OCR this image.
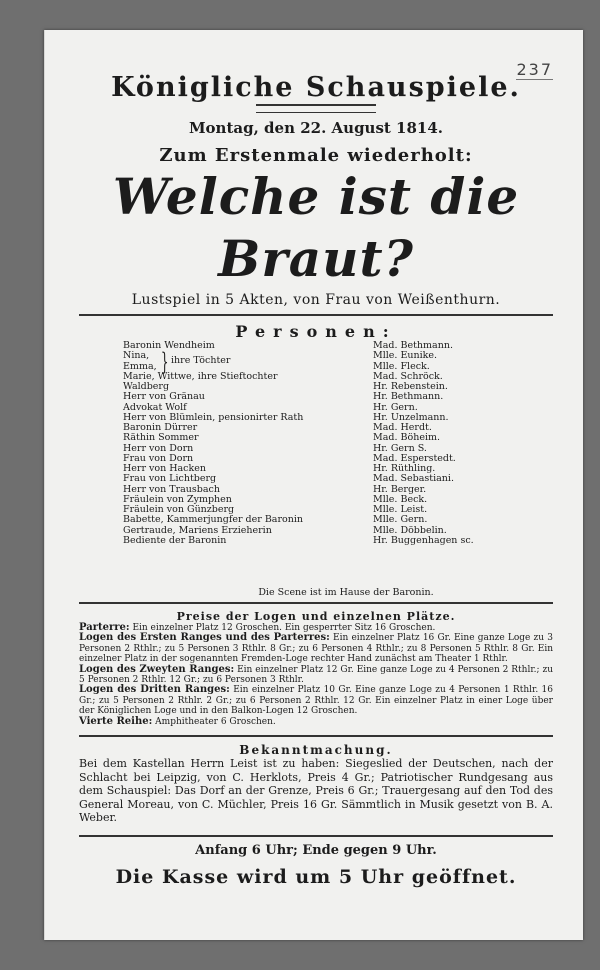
237
Königliche Schauspiele.
Montag, den 22. August 1814.
Zum Erstenmale wiederholt:
Welche ist die Braut?
Lustspiel in 5 Akten, von Frau von Weißenthurn.
Personen:
} ihre Töchter
Baronin Wendheim	Mad. Bethmann.
Nina,	Mlle. Eunike.
Emma,	Mlle. Fleck.
Marie, Wittwe, ihre Stieftochter	Mad. Schröck.
Waldberg	Hr. Rebenstein.
Herr von Gränau	Hr. Bethmann.
Advokat Wolf	Hr. Gern.
Herr von Blümlein, pensionirter Rath	Hr. Unzelmann.
Baronin Dürrer	Mad. Herdt.
Räthin Sommer	Mad. Böheim.
Herr von Dorn	Hr. Gern S.
Frau von Dorn	Mad. Esperstedt.
Herr von Hacken	Hr. Rüthling.
Frau von Lichtberg	Mad. Sebastiani.
Herr von Trausbach	Hr. Berger.
Fräulein von Zymphen	Mlle. Beck.
Fräulein von Günzberg	Mlle. Leist.
Babette, Kammerjungfer der Baronin	Mlle. Gern.
Gertraude, Mariens Erzieherin	Mlle. Döbbelin.
Bediente der Baronin	Hr. Buggenhagen sc.
Die Scene ist im Hause der Baronin.
Preise der Logen und einzelnen Plätze.
Parterre: Ein einzelner Platz 12 Groschen. Ein gesperrter Sitz 16 Groschen.
Logen des Ersten Ranges und des Parterres: Ein einzelner Platz 16 Gr. Eine ganze Loge zu 3 Personen 2 Rthlr.; zu 5 Personen 3 Rthlr. 8 Gr.; zu 6 Personen 4 Rthlr.; zu 8 Personen 5 Rthlr. 8 Gr. Ein einzelner Platz in der sogenannten Fremden-Loge rechter Hand zunächst am Theater 1 Rthlr.
Logen des Zweyten Ranges: Ein einzelner Platz 12 Gr. Eine ganze Loge zu 4 Personen 2 Rthlr.; zu 5 Personen 2 Rthlr. 12 Gr.; zu 6 Personen 3 Rthlr.
Logen des Dritten Ranges: Ein einzelner Platz 10 Gr. Eine ganze Loge zu 4 Personen 1 Rthlr. 16 Gr.; zu 5 Personen 2 Rthlr. 2 Gr.; zu 6 Personen 2 Rthlr. 12 Gr. Ein einzelner Platz in einer Loge über der Königlichen Loge und in den Balkon-Logen 12 Groschen.
Vierte Reihe: Amphitheater 6 Groschen.
Bekanntmachung.
Bei dem Kastellan Herrn Leist ist zu haben: Siegeslied der Deutschen, nach der Schlacht bei Leipzig, von C. Herklots, Preis 4 Gr.; Patriotischer Rundgesang aus dem Schauspiel: Das Dorf an der Grenze, Preis 6 Gr.; Trauergesang auf den Tod des General Moreau, von C. Müchler, Preis 16 Gr. Sämmtlich in Musik gesetzt von B. A. Weber.
Anfang 6 Uhr; Ende gegen 9 Uhr.
Die Kasse wird um 5 Uhr geöffnet.
